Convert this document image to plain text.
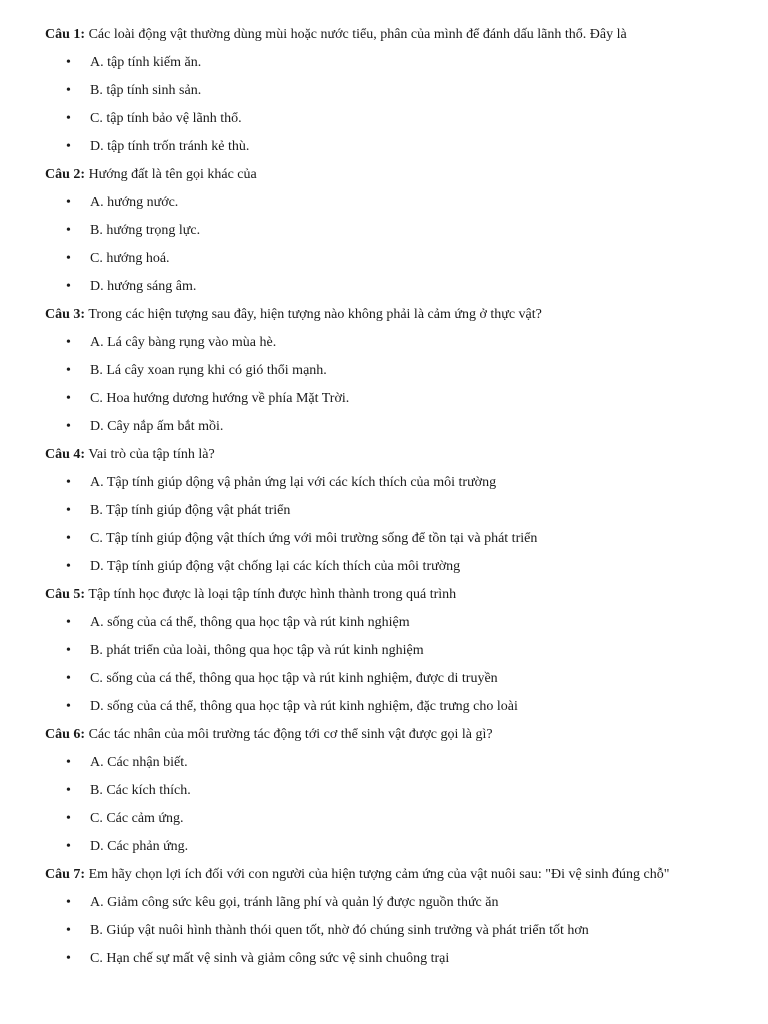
Câu 1: Các loài động vật thường dùng mùi hoặc nước tiểu, phân của mình để đánh dấu lãnh thổ. Đây là

• A. tập tính kiếm ăn.
• B. tập tính sinh sản.
• C. tập tính bảo vệ lãnh thổ.
• D. tập tính trốn tránh kẻ thù.

Câu 2: Hướng đất là tên gọi khác của

• A. hướng nước.
• B. hướng trọng lực.
• C. hướng hoá.
• D. hướng sáng âm.

Câu 3: Trong các hiện tượng sau đây, hiện tượng nào không phải là cảm ứng ở thực vật?

• A. Lá cây bàng rụng vào mùa hè.
• B. Lá cây xoan rụng khi có gió thổi mạnh.
• C. Hoa hướng dương hướng về phía Mặt Trời.
• D. Cây nắp ấm bắt mồi.

Câu 4: Vai trò của tập tính là?

• A. Tập tính giúp dộng vậ phản ứng lại với các kích thích của môi trường
• B. Tập tính giúp động vật phát triển
• C. Tập tính giúp động vật thích ứng với môi trường sống để tồn tại và phát triển
• D. Tập tính giúp động vật chống lại các kích thích của môi trường

Câu 5: Tập tính học được là loại tập tính được hình thành trong quá trình

• A. sống của cá thể, thông qua học tập và rút kinh nghiệm
• B. phát triển của loài, thông qua học tập và rút kinh nghiệm
• C. sống của cá thể, thông qua học tập và rút kinh nghiệm, được di truyền
• D. sống của cá thể, thông qua học tập và rút kinh nghiệm, đặc trưng cho loài

Câu 6: Các tác nhân của môi trường tác động tới cơ thể sinh vật được gọi là gì?

• A. Các nhận biết.
• B. Các kích thích.
• C. Các cảm ứng.
• D. Các phản ứng.

Câu 7: Em hãy chọn lợi ích đối với con người của hiện tượng cảm ứng của vật nuôi sau: "Đi vệ sinh đúng chỗ"

• A. Giảm công sức kêu gọi, tránh lãng phí và quản lý được nguồn thức ăn
• B. Giúp vật nuôi hình thành thói quen tốt, nhờ đó chúng sinh trưởng và phát triển tốt hơn
• C. Hạn chế sự mất vệ sinh và giảm công sức vệ sinh chuông trại
